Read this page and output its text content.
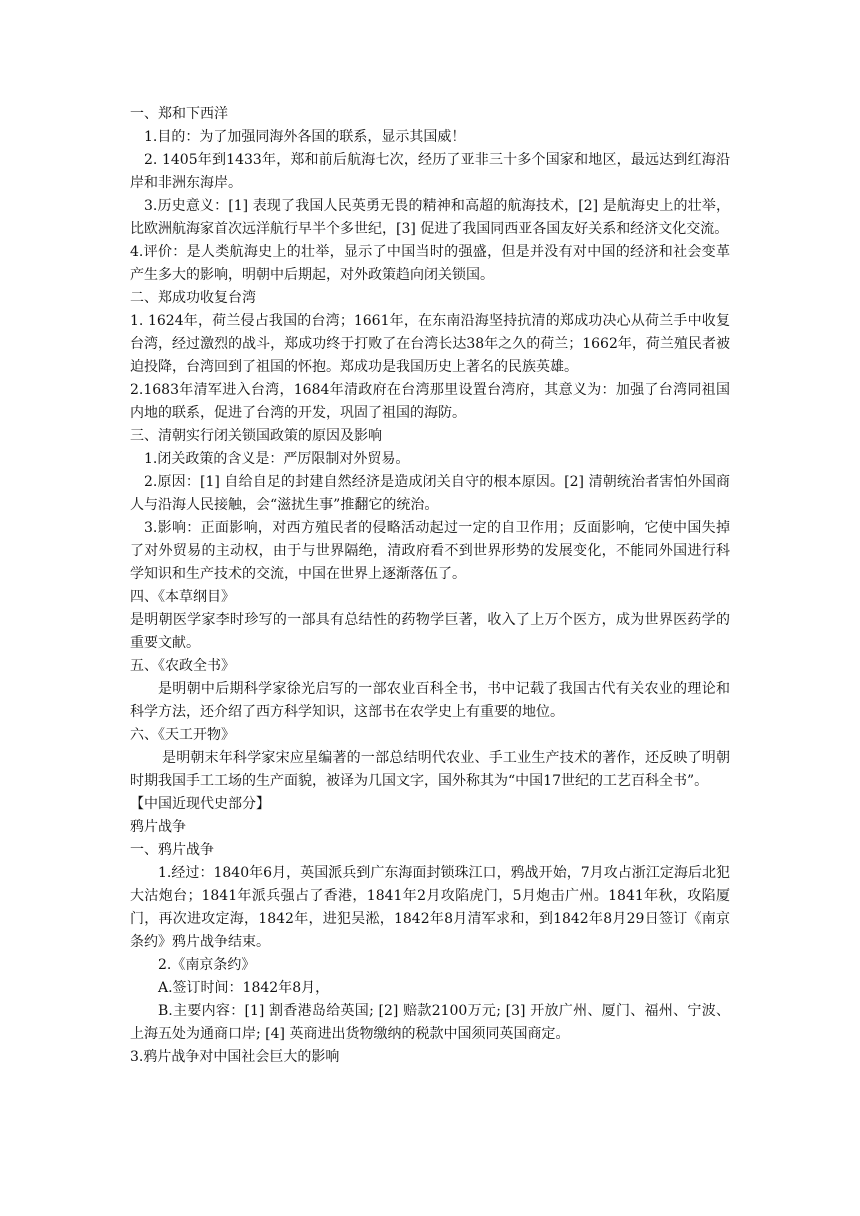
一、郑和下西洋

1.目的：为了加强同海外各国的联系，显示其国威！

2. 1405年到1433年，郑和前后航海七次，经历了亚非三十多个国家和地区，最远达到红海沿岸和非洲东海岸。

3.历史意义：[1] 表现了我国人民英勇无畏的精神和高超的航海技术，[2] 是航海史上的壮举，比欧洲航海家首次远洋航行早半个多世纪，[3] 促进了我国同西亚各国友好关系和经济文化交流。

4.评价：是人类航海史上的壮举，显示了中国当时的强盛，但是并没有对中国的经济和社会变革产生多大的影响，明朝中后期起，对外政策趋向闭关锁国。

二、郑成功收复台湾

1. 1624年，荷兰侵占我国的台湾；1661年，在东南沿海坚持抗清的郑成功决心从荷兰手中收复台湾，经过激烈的战斗，郑成功终于打败了在台湾长达38年之久的荷兰；1662年，荷兰殖民者被迫投降，台湾回到了祖国的怀抱。郑成功是我国历史上著名的民族英雄。

2.1683年清军进入台湾，1684年清政府在台湾那里设置台湾府，其意义为：加强了台湾同祖国内地的联系，促进了台湾的开发，巩固了祖国的海防。

三、清朝实行闭关锁国政策的原因及影响

1.闭关政策的含义是：严厉限制对外贸易。

2.原因：[1] 自给自足的封建自然经济是造成闭关自守的根本原因。[2] 清朝统治者害怕外国商人与沿海人民接触，会“滋扰生事”推翻它的统治。

3.影响：正面影响，对西方殖民者的侵略活动起过一定的自卫作用；反面影响，它使中国失掉了对外贸易的主动权，由于与世界隔绝，清政府看不到世界形势的发展变化，不能同外国进行科学知识和生产技术的交流，中国在世界上逐渐落伍了。

四、《本草纲目》

是明朝医学家李时珍写的一部具有总结性的药物学巨著，收入了上万个医方，成为世界医药学的重要文献。

五、《农政全书》

是明朝中后期科学家徐光启写的一部农业百科全书，书中记载了我国古代有关农业的理论和科学方法，还介绍了西方科学知识，这部书在农学史上有重要的地位。

六、《天工开物》

是明朝末年科学家宋应星编著的一部总结明代农业、手工业生产技术的著作，还反映了明朝时期我国手工工场的生产面貌，被译为几国文字，国外称其为“中国17世纪的工艺百科全书”。

【中国近现代史部分】

鸦片战争

一、鸦片战争

1.经过：1840年6月，英国派兵到广东海面封锁珠江口，鸦战开始，7月攻占浙江定海后北犯大沽炮台；1841年派兵强占了香港，1841年2月攻陷虎门，5月炮击广州。1841年秋，攻陷厦门，再次进攻定海，1842年，进犯吴淞，1842年8月清军求和，到1842年8月29日签订《南京条约》鸦片战争结束。

2.《南京条约》

A.签订时间：1842年8月，

B.主要内容：[1] 割香港岛给英国; [2] 赔款2100万元; [3] 开放广州、厦门、福州、宁波、上海五处为通商口岸; [4] 英商进出货物缴纳的税款中国须同英国商定。

3.鸦片战争对中国社会巨大的影响
